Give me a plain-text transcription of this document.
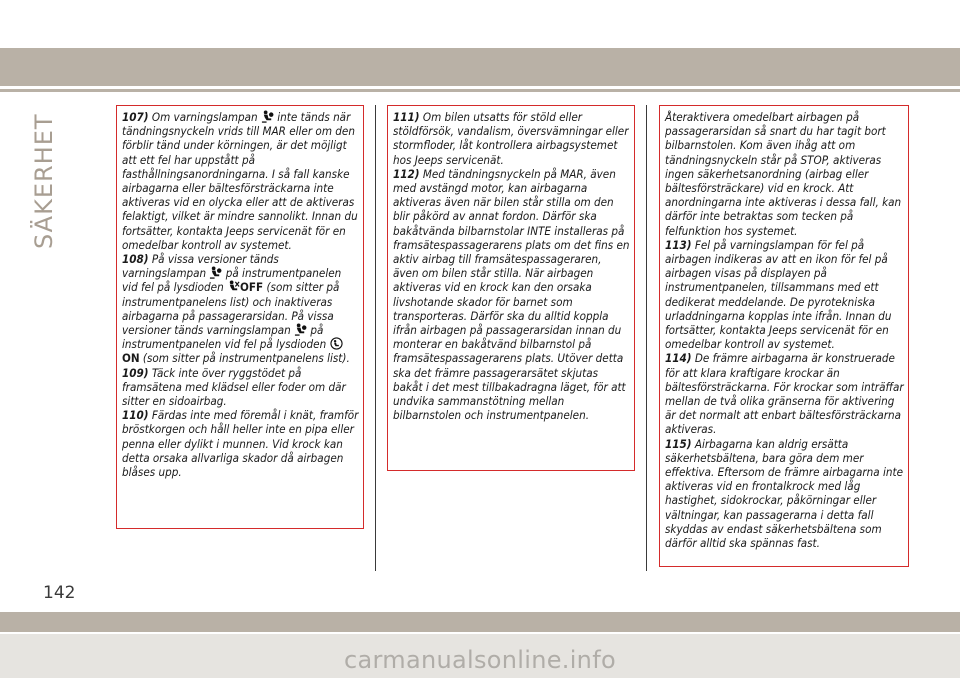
SÄKERHET	107) Om varningslampan inte tänds när tändningsnyckeln vrids till MAR eller om den förblir tänd under körningen, är det möjligt att ett fel har uppstått på fasthållningsanordningarna. I så fall kanske airbagarna eller bältesförsträckarna inte aktiveras vid en olycka eller att de aktiveras felaktigt, vilket är mindre sannolikt. Innan du fortsätter, kontakta Jeeps servicenät för en omedelbar kontroll av systemet.

108) På vissa versioner tänds varningslampan på instrumentpanelen vid fel på lysdioden OFF (som sitter på instrumentpanelens list) och inaktiveras airbagarna på passagerarsidan. På vissa versioner tänds varningslampan på instrumentpanelen vid fel på lysdioden ON (som sitter på instrumentpanelens list).

109) Täck inte över ryggstödet på framsätena med klädsel eller foder om där sitter en sidoairbag.

110) Färdas inte med föremål i knät, framför bröstkorgen och håll heller inte en pipa eller penna eller dylikt i munnen. Vid krock kan detta orsaka allvarliga skador då airbagen blåses upp.

111) Om bilen utsatts för stöld eller stöldförsök, vandalism, översvämningar eller stormfloder, låt kontrollera airbagsystemet hos Jeeps servicenät.

112) Med tändningsnyckeln på MAR, även med avstängd motor, kan airbagarna aktiveras även när bilen står stilla om den blir påkörd av annat fordon. Därför ska bakåtvända bilbarnstolar INTE installeras på framsätespassagerarens plats om det fins en aktiv airbag till framsätespassageraren, även om bilen står stilla. När airbagen aktiveras vid en krock kan den orsaka livshotande skador för barnet som transporteras. Därför ska du alltid koppla ifrån airbagen på passagerarsidan innan du monterar en bakåtvänd bilbarnstol på framsätespassagerarens plats. Utöver detta ska det främre passagerarsätet skjutas bakåt i det mest tillbakadragna läget, för att undvika sammanstötning mellan bilbarnstolen och instrumentpanelen.

Återaktivera omedelbart airbagen på passagerarsidan så snart du har tagit bort bilbarnstolen. Kom även ihåg att om tändningsnyckeln står på STOP, aktiveras ingen säkerhetsanordning (airbag eller bältesförsträckare) vid en krock. Att anordningarna inte aktiveras i dessa fall, kan därför inte betraktas som tecken på felfunktion hos systemet.

113) Fel på varningslampan för fel på airbagen indikeras av att en ikon för fel på airbagen visas på displayen på instrumentpanelen, tillsammans med ett dedikerat meddelande. De pyrotekniska urladdningarna kopplas inte ifrån. Innan du fortsätter, kontakta Jeeps servicenät för en omedelbar kontroll av systemet.

114) De främre airbagarna är konstruerade för att klara kraftigare krockar än bältesförsträckarna. För krockar som inträffar mellan de två olika gränserna för aktivering är det normalt att enbart bältesförsträckarna aktiveras.

115) Airbagarna kan aldrig ersätta säkerhetsbältena, bara göra dem mer effektiva. Eftersom de främre airbagarna inte aktiveras vid en frontalkrock med låg hastighet, sidokrockar, påkörningar eller vältningar, kan passagerarna i detta fall skyddas av endast säkerhetsbältena som därför alltid ska spännas fast.

142
carmanualsonline.info
